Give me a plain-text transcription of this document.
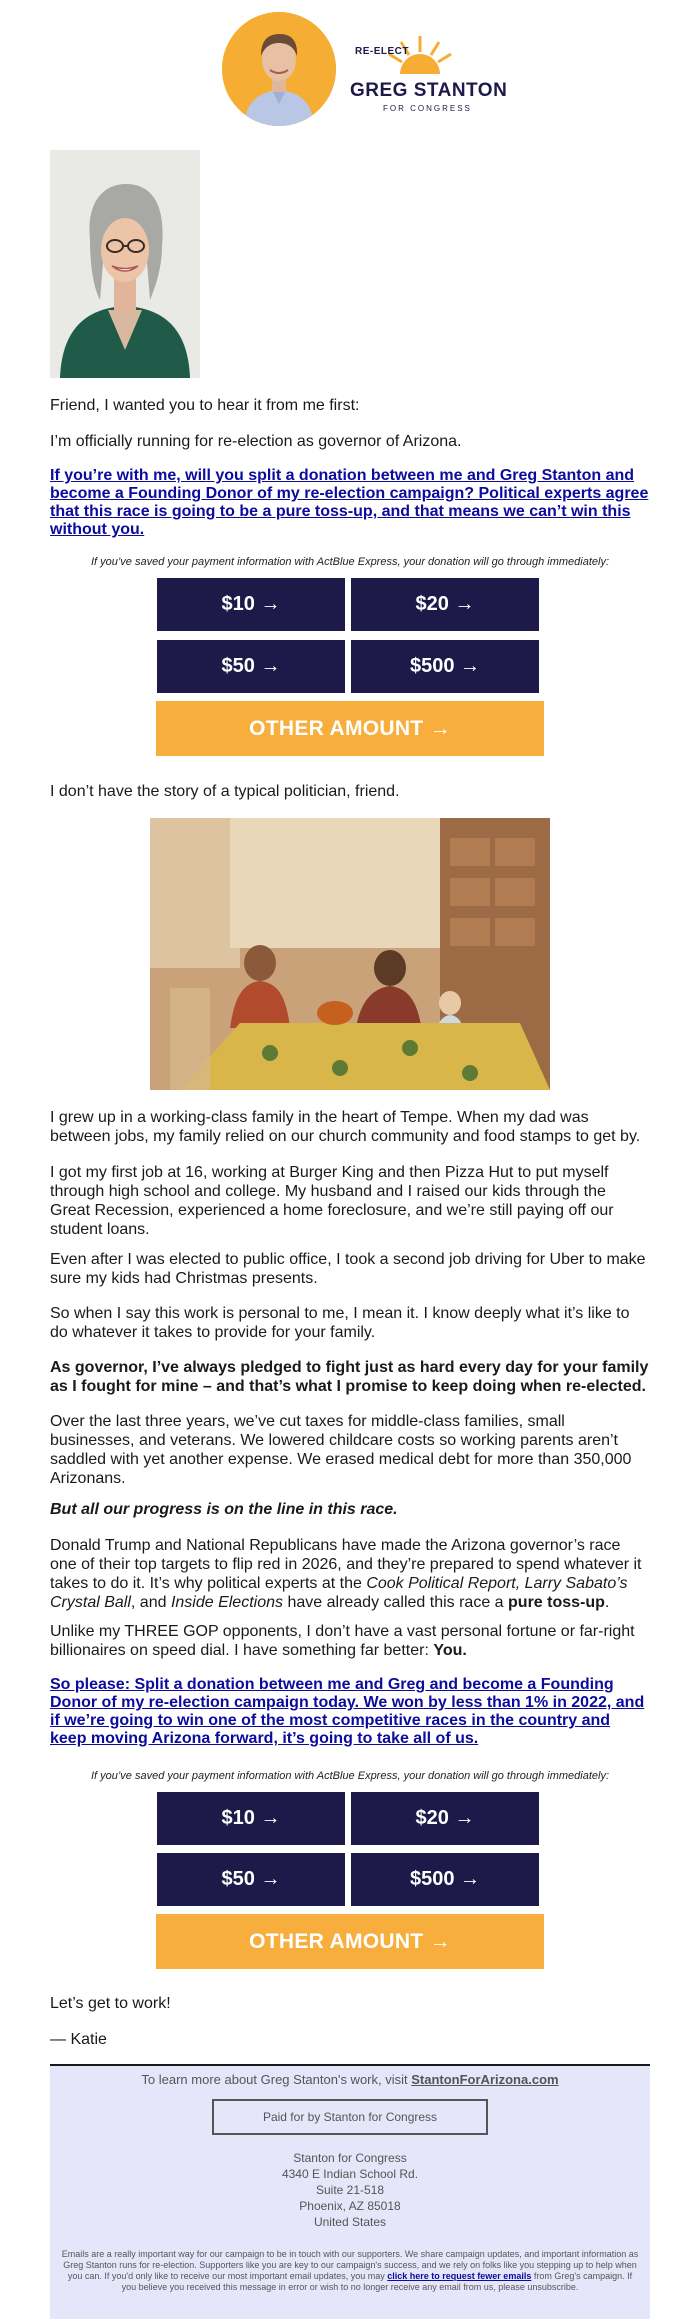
RE-ELECT
GREG STANTON
FOR CONGRESS

Friend, I wanted you to hear it from me first:

I’m officially running for re-election as governor of Arizona.

If you’re with me, will you split a donation between me and Greg Stanton and become a Founding Donor of my re-election campaign? Political experts agree that this race is going to be a pure toss-up, and that means we can’t win this without you.

If you’ve saved your payment information with ActBlue Express, your donation will go through immediately:

$10 →	$20 →
$50 →	$500 →
OTHER AMOUNT →

I don’t have the story of a typical politician, friend.

I grew up in a working-class family in the heart of Tempe. When my dad was between jobs, my family relied on our church community and food stamps to get by.

I got my first job at 16, working at Burger King and then Pizza Hut to put myself through high school and college. My husband and I raised our kids through the Great Recession, experienced a home foreclosure, and we’re still paying off our student loans.

Even after I was elected to public office, I took a second job driving for Uber to make sure my kids had Christmas presents.

So when I say this work is personal to me, I mean it. I know deeply what it’s like to do whatever it takes to provide for your family.

As governor, I’ve always pledged to fight just as hard every day for your family as I fought for mine – and that’s what I promise to keep doing when re-elected.

Over the last three years, we’ve cut taxes for middle-class families, small businesses, and veterans. We lowered childcare costs so working parents aren’t saddled with yet another expense. We erased medical debt for more than 350,000 Arizonans.

But all our progress is on the line in this race.

Donald Trump and National Republicans have made the Arizona governor’s race one of their top targets to flip red in 2026, and they’re prepared to spend whatever it takes to do it. It’s why political experts at the Cook Political Report, Larry Sabato’s Crystal Ball, and Inside Elections have already called this race a pure toss-up.

Unlike my THREE GOP opponents, I don’t have a vast personal fortune or far-right billionaires on speed dial. I have something far better: You.

So please: Split a donation between me and Greg and become a Founding Donor of my re-election campaign today. We won by less than 1% in 2022, and if we’re going to win one of the most competitive races in the country and keep moving Arizona forward, it’s going to take all of us.

If you’ve saved your payment information with ActBlue Express, your donation will go through immediately:

$10 →	$20 →
$50 →	$500 →
OTHER AMOUNT →

Let’s get to work!

— Katie

To learn more about Greg Stanton's work, visit StantonForArizona.com
Paid for by Stanton for Congress
Stanton for Congress
4340 E Indian School Rd.
Suite 21-518
Phoenix, AZ 85018
United States
Emails are a really important way for our campaign to be in touch with our supporters. We share campaign updates, and important information as Greg Stanton runs for re-election. Supporters like you are key to our campaign's success, and we rely on folks like you stepping up to help when you can. If you'd only like to receive our most important email updates, you may click here to request fewer emails from Greg's campaign. If you believe you received this message in error or wish to no longer receive any email from us, please unsubscribe.
